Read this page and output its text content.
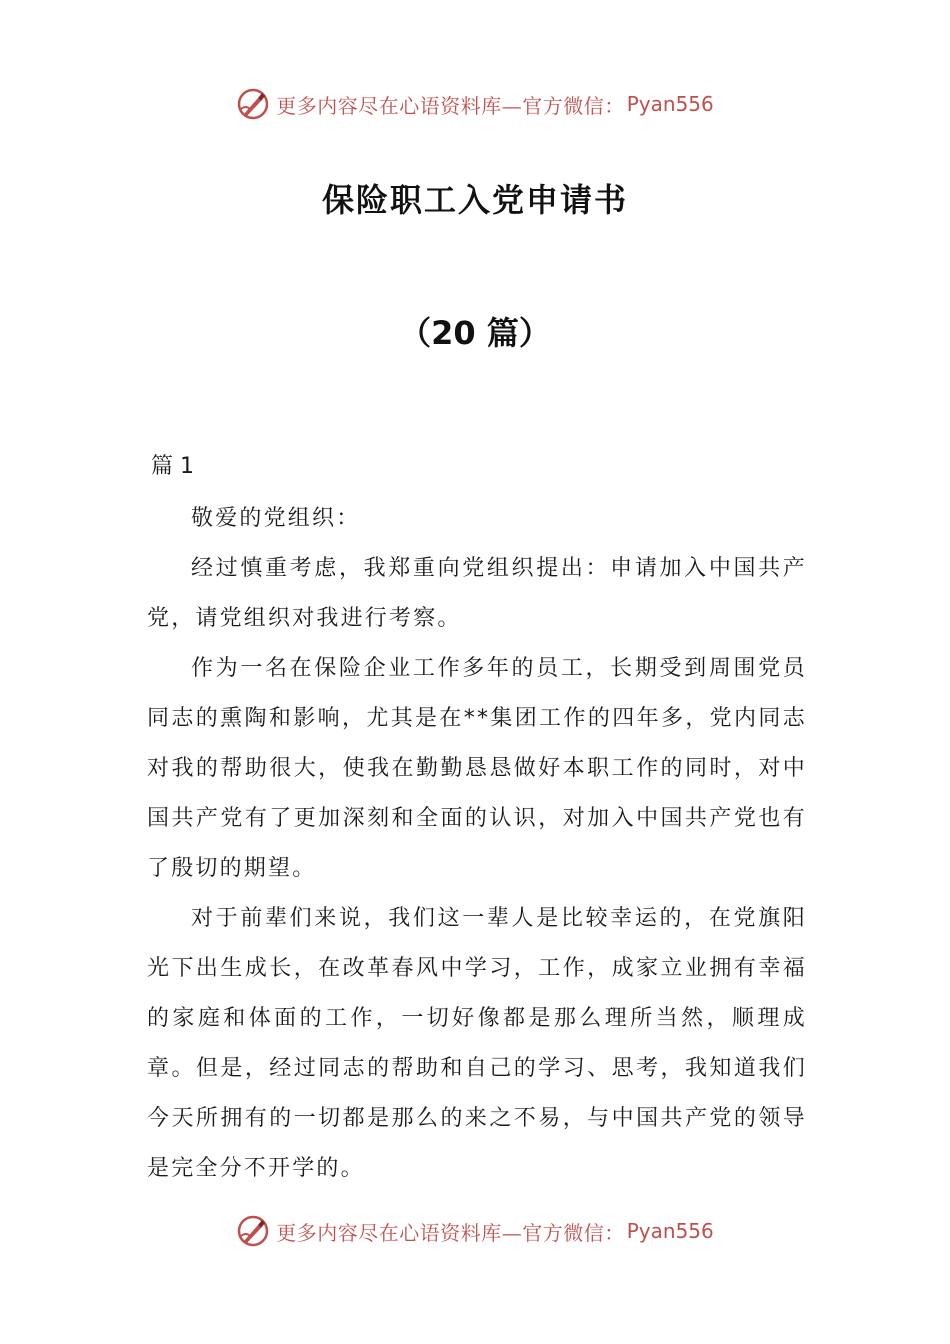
更多内容尽在心语资料库—官方微信： Pyan556
保险职工入党申请书
（20 篇）
篇 1

敬爱的党组织：

经过慎重考虑，我郑重向党组织提出：申请加入中国共产党，请党组织对我进行考察。

作为一名在保险企业工作多年的员工，长期受到周围党员同志的熏陶和影响，尤其是在**集团工作的四年多，党内同志对我的帮助很大，使我在勤勤恳恳做好本职工作的同时，对中国共产党有了更加深刻和全面的认识，对加入中国共产党也有了殷切的期望。

对于前辈们来说，我们这一辈人是比较幸运的，在党旗阳光下出生成长，在改革春风中学习，工作，成家立业拥有幸福的家庭和体面的工作，一切好像都是那么理所当然，顺理成章。但是，经过同志的帮助和自己的学习、思考，我知道我们今天所拥有的一切都是那么的来之不易，与中国共产党的领导是完全分不开学的。

更多内容尽在心语资料库—官方微信： Pyan556
